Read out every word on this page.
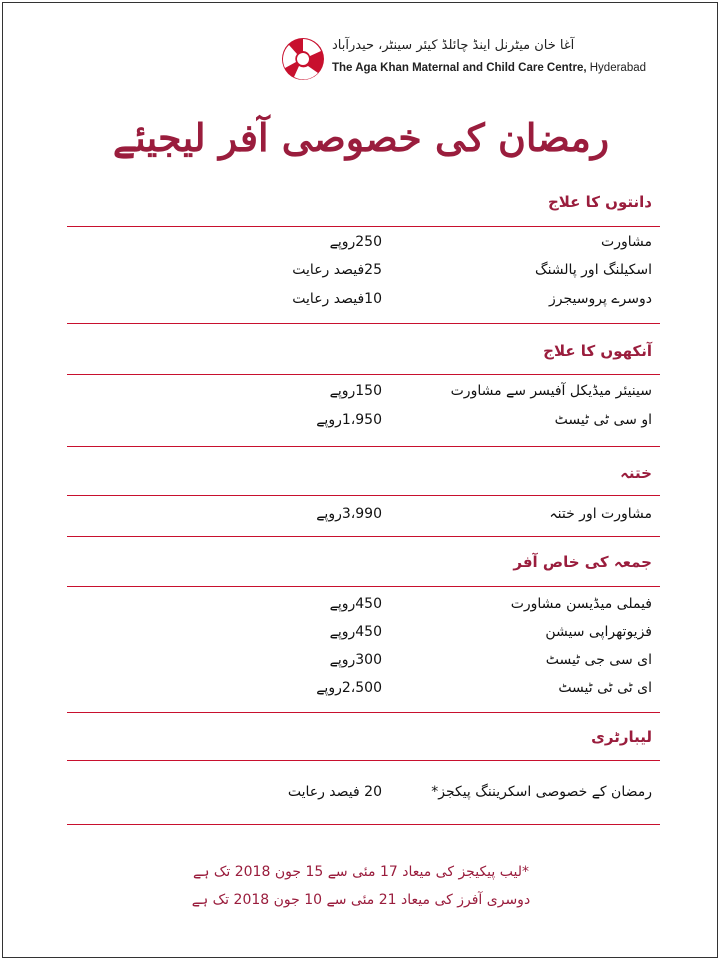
آغا خان میٹرنل اینڈ چائلڈ کیئر سینٹر، حیدرآباد
The Aga Khan Maternal and Child Care Centre, Hyderabad
رمضان کی خصوصی آفر لیجیئے
دانتوں کا علاج
مشاورت
250روپے
اسکیلنگ اور پالشنگ
25فیصد رعایت
دوسرے پروسیجرز
10فیصد رعایت
آنکھوں کا علاج
سینیئر میڈیکل آفیسر سے مشاورت
150روپے
او سی ٹی ٹیسٹ
1،950روپے
ختنہ
مشاورت اور ختنہ
3،990روپے
جمعہ کی خاص آفر
فیملی میڈیسن مشاورت
450روپے
فزیوتھراپی سیشن
450روپے
ای سی جی ٹیسٹ
300روپے
ای ٹی ٹی ٹیسٹ
2،500روپے
لیبارٹری
رمضان کے خصوصی اسکریننگ پیکجز*
20 فیصد رعایت
*لیب پیکیجز کی میعاد 17 مئی سے 15 جون 2018 تک ہے
دوسری آفرز کی میعاد 21 مئی سے 10 جون 2018 تک ہے
